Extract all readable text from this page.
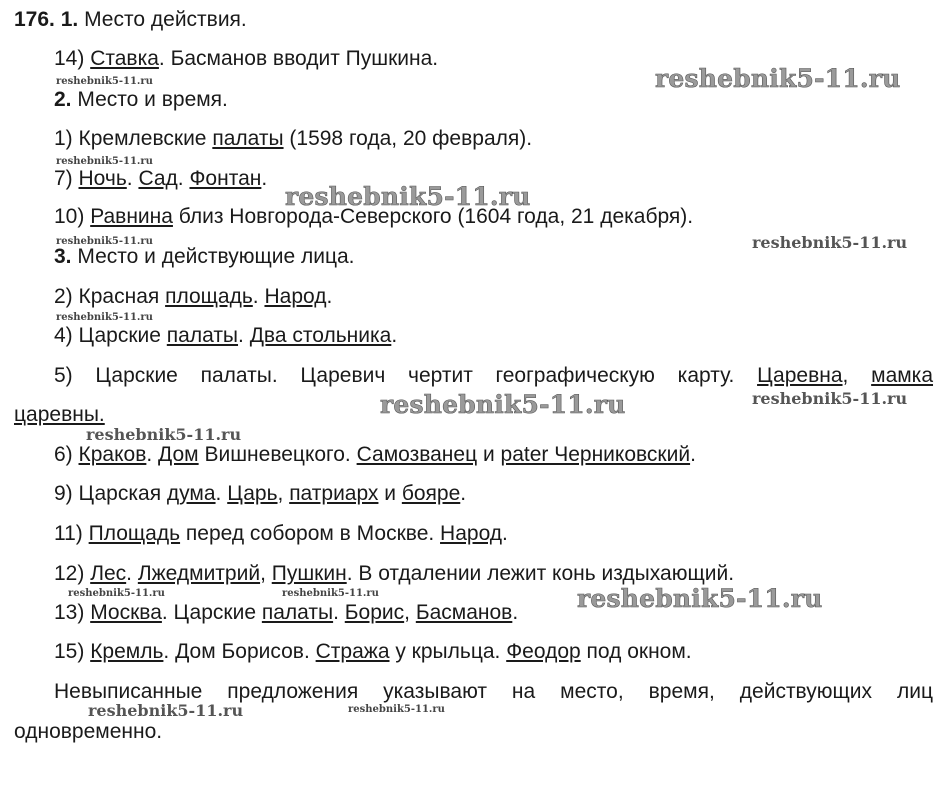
176. 1. Место действия.
14) Ставка. Басманов вводит Пушкина.
2. Место и время.
1) Кремлевские палаты (1598 года, 20 февраля).
7) Ночь. Сад. Фонтан.
10) Равнина близ Новгорода-Северского (1604 года, 21 декабря).
3. Место и действующие лица.
2) Красная площадь. Народ.
4) Царские палаты. Два стольника.
5) Царские палаты. Царевич чертит географическую карту. Царевна, мамка
царевны.
6) Краков. Дом Вишневецкого. Самозванец и pater Черниковский.
9) Царская дума. Царь, патриарх и бояре.
11) Площадь перед собором в Москве. Народ.
12) Лес. Лжедмитрий, Пушкин. В отдалении лежит конь издыхающий.
13) Москва. Царские палаты. Борис, Басманов.
15) Кремль. Дом Борисов. Стража у крыльца. Феодор под окном.
Невыписанные предложения указывают на место, время, действующих лиц
одновременно.
reshebnik5-11.ru	reshebnik5-11.ru
reshebnik5-11.ru
reshebnik5-11.ru
reshebnik5-11.ru	reshebnik5-11.ru
reshebnik5-11.ru
reshebnik5-11.ru	reshebnik5-11.ru
reshebnik5-11.ru
reshebnik5-11.ru	reshebnik5-11.ru	reshebnik5-11.ru
reshebnik5-11.ru	reshebnik5-11.ru
